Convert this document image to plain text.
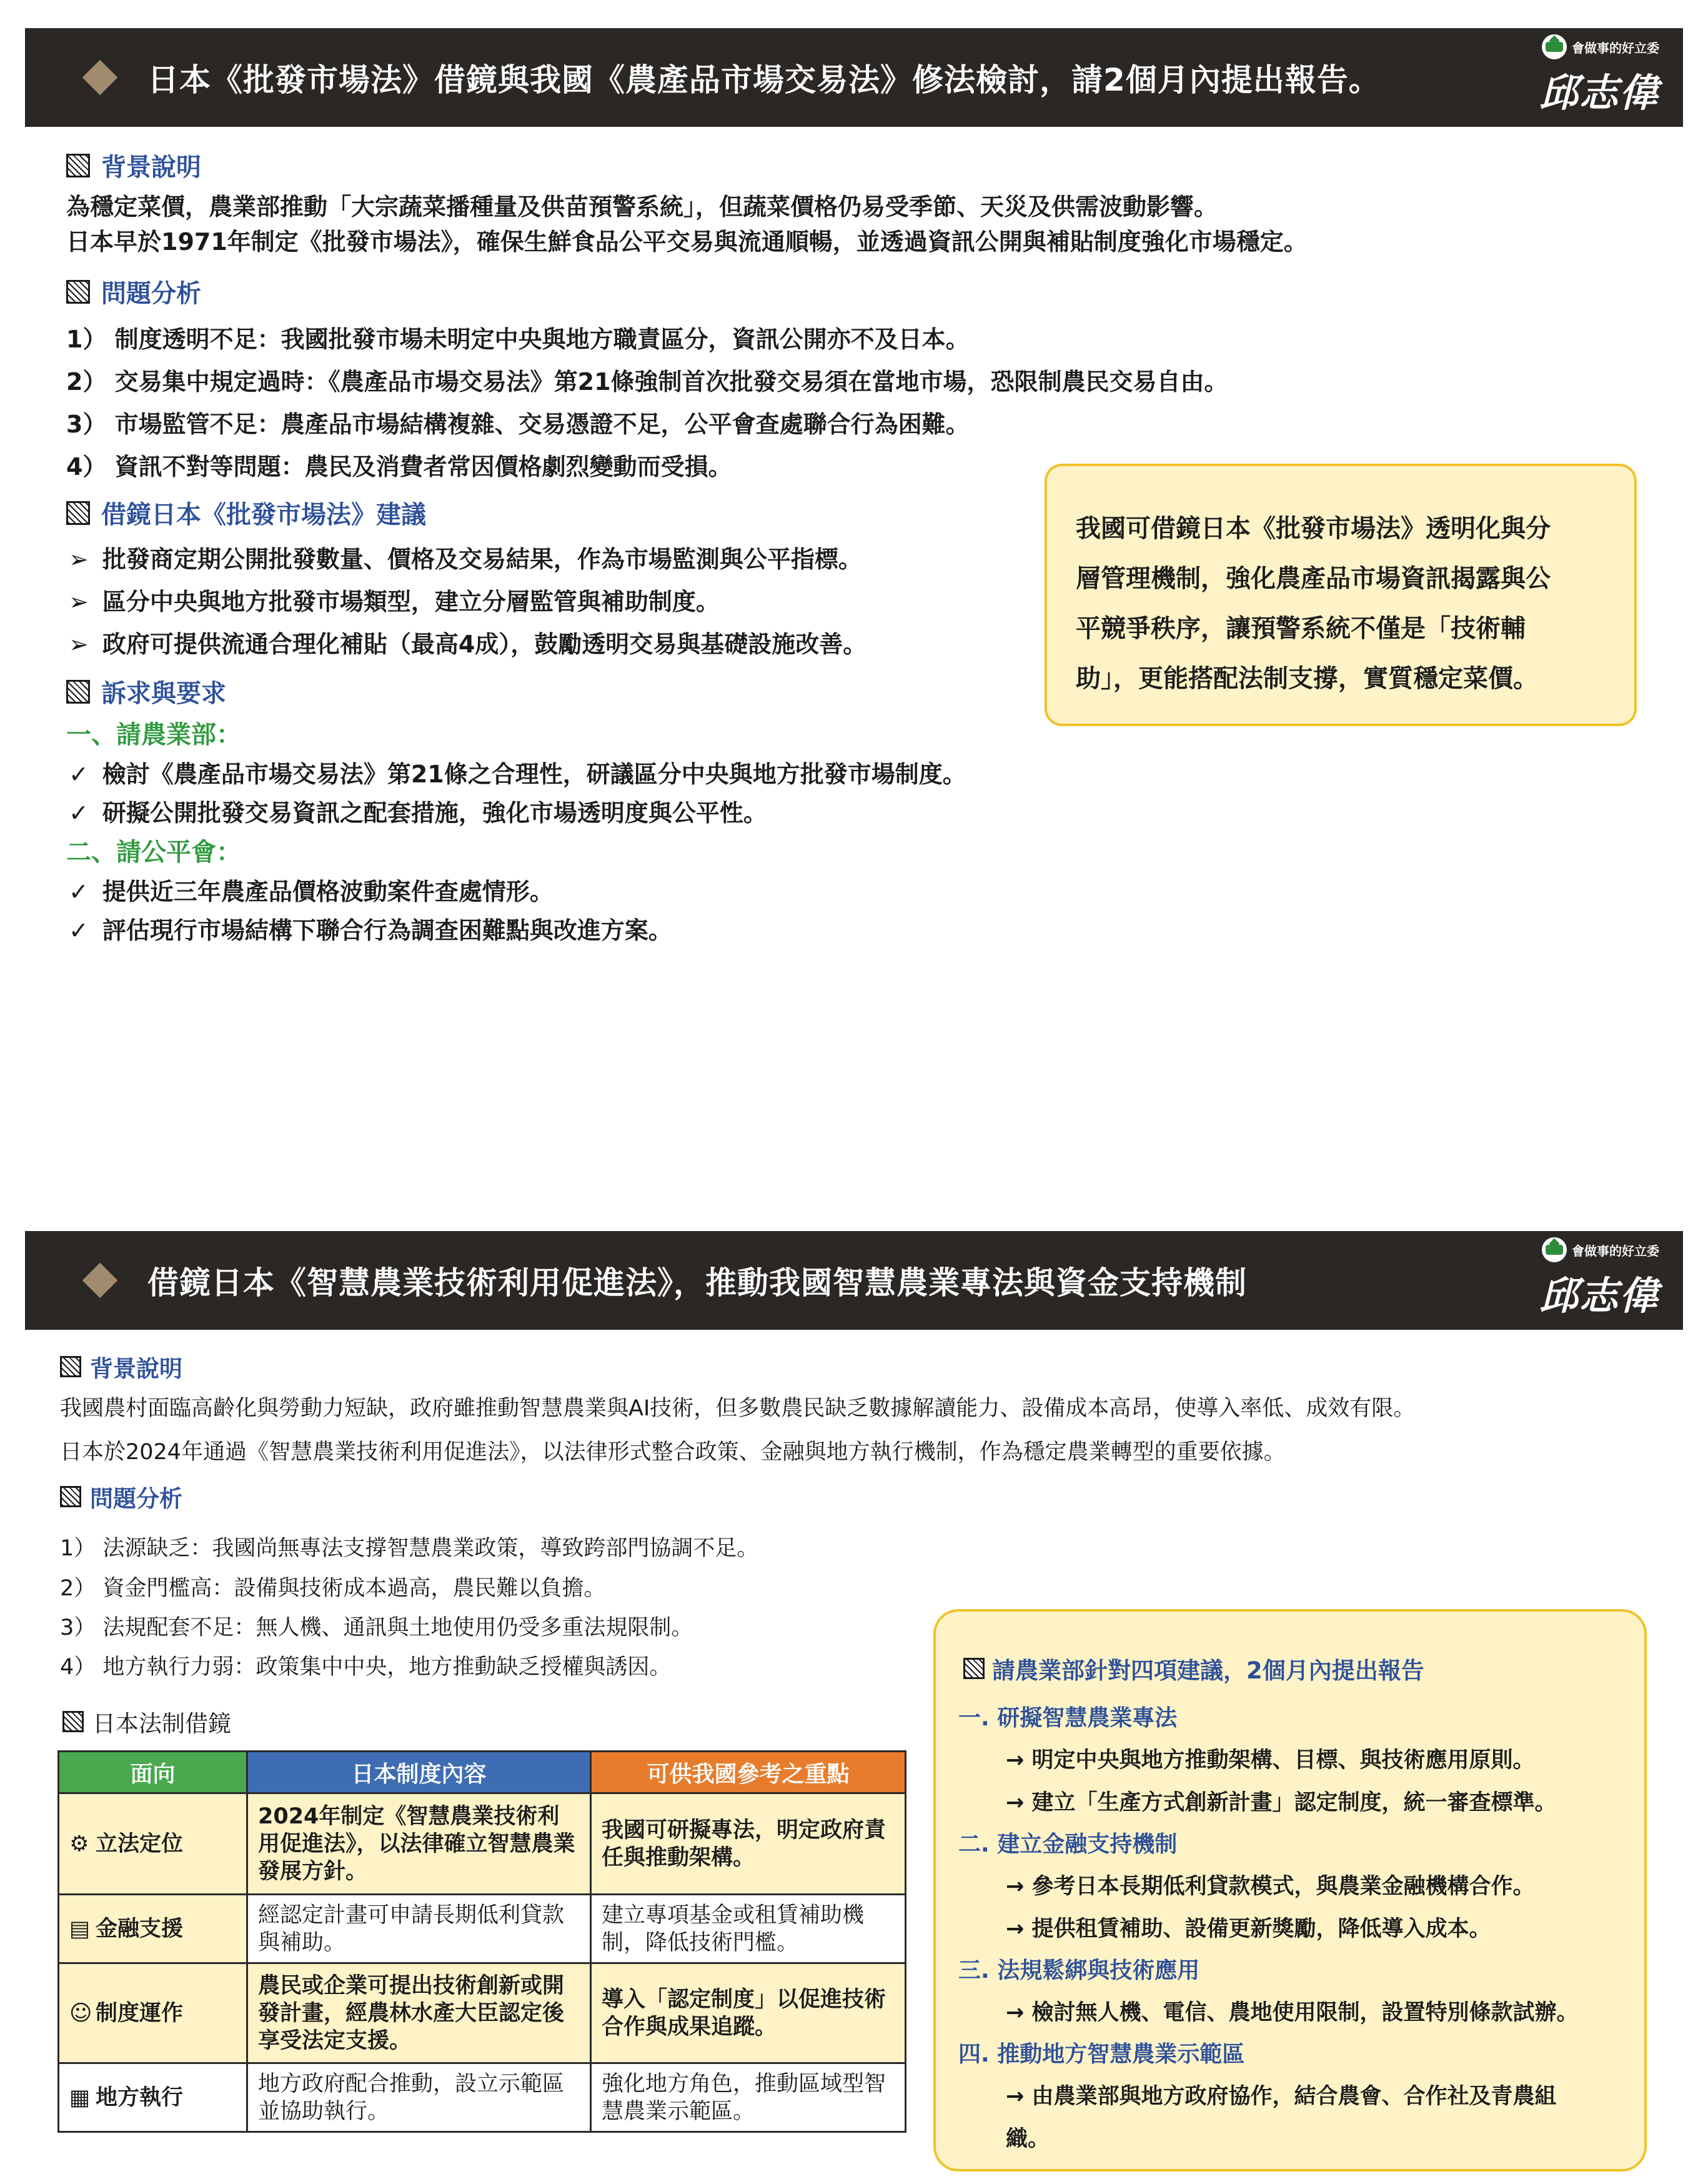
日本《批發市場法》借鏡與我國《農產品市場交易法》修法檢討，請2個月內提出報告。
會做事的好立委
邱志偉
背景說明
為穩定菜價，農業部推動「大宗蔬菜播種量及供苗預警系統」，但蔬菜價格仍易受季節、天災及供需波動影響。
日本早於1971年制定《批發市場法》，確保生鮮食品公平交易與流通順暢，並透過資訊公開與補貼制度強化市場穩定。
問題分析
1） 制度透明不足：我國批發市場未明定中央與地方職責區分，資訊公開亦不及日本。
2） 交易集中規定過時：《農產品市場交易法》第21條強制首次批發交易須在當地市場，恐限制農民交易自由。
3） 市場監管不足：農產品市場結構複雜、交易憑證不足，公平會查處聯合行為困難。
4） 資訊不對等問題：農民及消費者常因價格劇烈變動而受損。
借鏡日本《批發市場法》建議
➢ 批發商定期公開批發數量、價格及交易結果，作為市場監測與公平指標。
➢ 區分中央與地方批發市場類型，建立分層監管與補助制度。
➢ 政府可提供流通合理化補貼（最高4成），鼓勵透明交易與基礎設施改善。
訴求與要求
一、請農業部：
✓ 檢討《農產品市場交易法》第21條之合理性，研議區分中央與地方批發市場制度。
✓ 研擬公開批發交易資訊之配套措施，強化市場透明度與公平性。
二、請公平會：
✓ 提供近三年農產品價格波動案件查處情形。
✓ 評估現行市場結構下聯合行為調查困難點與改進方案。
我國可借鏡日本《批發市場法》透明化與分
層管理機制，強化農產品市場資訊揭露與公
平競爭秩序，讓預警系統不僅是「技術輔
助」，更能搭配法制支撐，實質穩定菜價。
借鏡日本《智慧農業技術利用促進法》，推動我國智慧農業專法與資金支持機制
會做事的好立委
邱志偉
背景說明
我國農村面臨高齡化與勞動力短缺，政府雖推動智慧農業與AI技術，但多數農民缺乏數據解讀能力、設備成本高昂，使導入率低、成效有限。
日本於2024年通過《智慧農業技術利用促進法》，以法律形式整合政策、金融與地方執行機制，作為穩定農業轉型的重要依據。
問題分析
1） 法源缺乏：我國尚無專法支撐智慧農業政策，導致跨部門協調不足。
2） 資金門檻高：設備與技術成本過高，農民難以負擔。
3） 法規配套不足：無人機、通訊與土地使用仍受多重法規限制。
4） 地方執行力弱：政策集中中央，地方推動缺乏授權與誘因。
日本法制借鏡
面向	日本制度內容	可供我國參考之重點
⚙ 立法定位	2024年制定《智慧農業技術利用促進法》，以法律確立智慧農業發展方針。	我國可研擬專法，明定政府責任與推動架構。
▤ 金融支援	經認定計畫可申請長期低利貸款與補助。	建立專項基金或租賃補助機制，降低技術門檻。
☺ 制度運作	農民或企業可提出技術創新或開發計畫，經農林水產大臣認定後享受法定支援。	導入「認定制度」以促進技術合作與成果追蹤。
▦ 地方執行	地方政府配合推動，設立示範區並協助執行。	強化地方角色，推動區域型智慧農業示範區。
請農業部針對四項建議，2個月內提出報告
一. 研擬智慧農業專法
→ 明定中央與地方推動架構、目標、與技術應用原則。
→ 建立「生產方式創新計畫」認定制度，統一審查標準。
二. 建立金融支持機制
→ 參考日本長期低利貸款模式，與農業金融機構合作。
→ 提供租賃補助、設備更新獎勵，降低導入成本。
三. 法規鬆綁與技術應用
→ 檢討無人機、電信、農地使用限制，設置特別條款試辦。
四. 推動地方智慧農業示範區
→ 由農業部與地方政府協作，結合農會、合作社及青農組
織。
